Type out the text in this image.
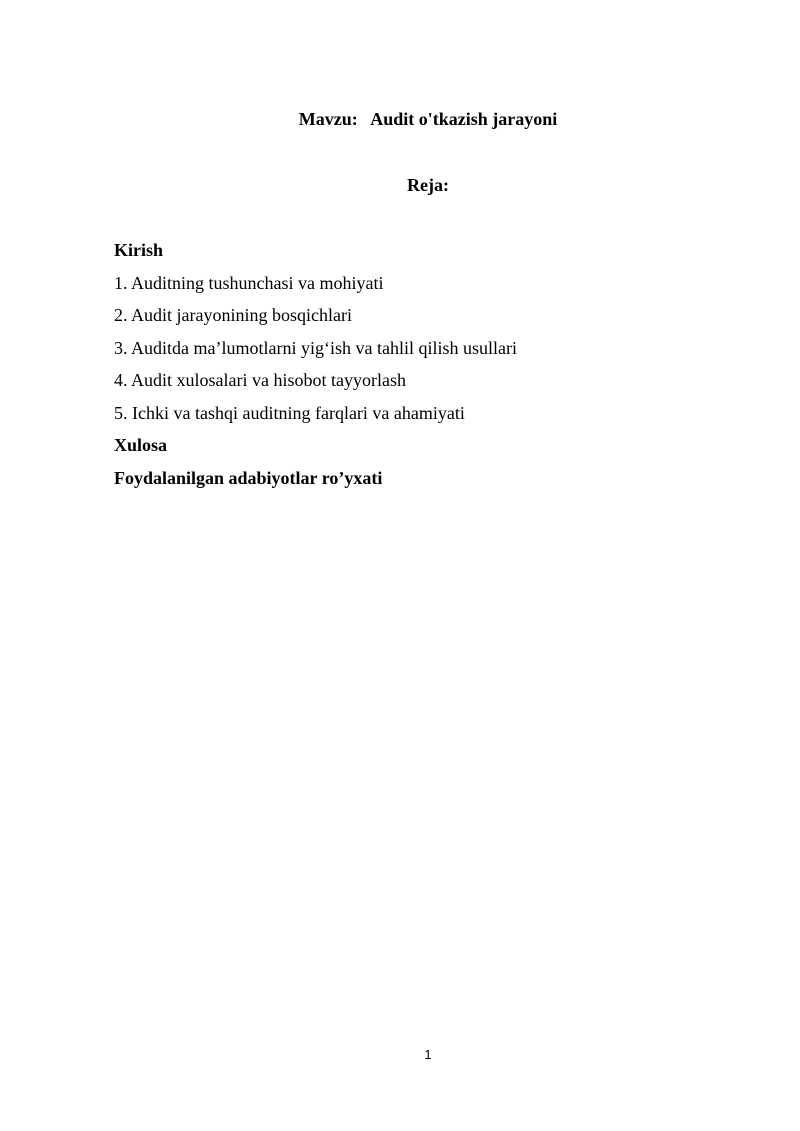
Mavzu:   Audit o'tkazish jarayoni
Reja:
Kirish
1. Auditning tushunchasi va mohiyati
2. Audit jarayonining bosqichlari
3. Auditda ma’lumotlarni yig‘ish va tahlil qilish usullari
4. Audit xulosalari va hisobot tayyorlash
5. Ichki va tashqi auditning farqlari va ahamiyati
Xulosa
Foydalanilgan adabiyotlar ro’yxati
1
